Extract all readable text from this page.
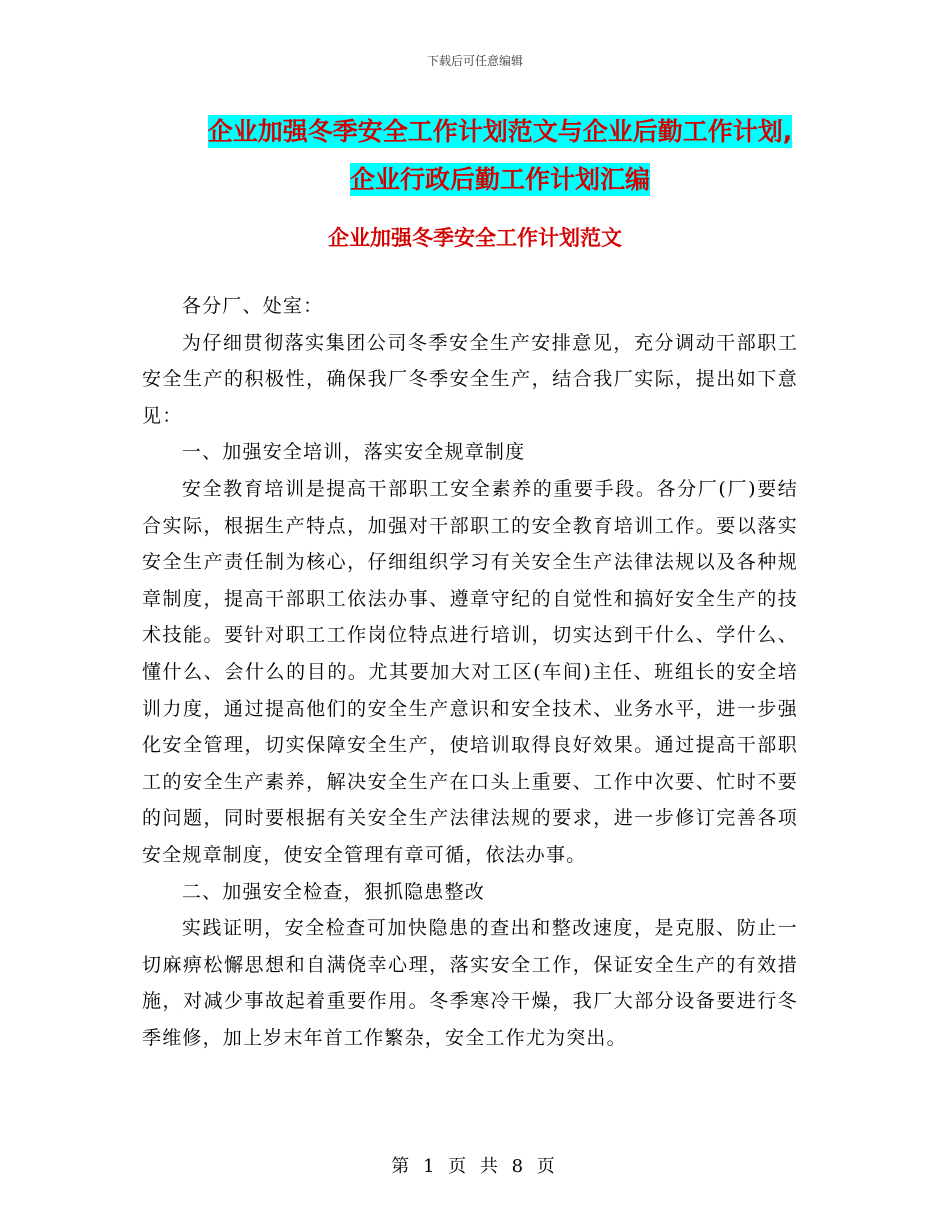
下载后可任意编辑
企业加强冬季安全工作计划范文与企业后勤工作计划,
企业行政后勤工作计划汇编
企业加强冬季安全工作计划范文

各分厂、处室：

为仔细贯彻落实集团公司冬季安全生产安排意见，充分调动干部职工安全生产的积极性，确保我厂冬季安全生产，结合我厂实际，提出如下意见：

一、加强安全培训，落实安全规章制度

安全教育培训是提高干部职工安全素养的重要手段。各分厂(厂)要结合实际，根据生产特点，加强对干部职工的安全教育培训工作。要以落实安全生产责任制为核心，仔细组织学习有关安全生产法律法规以及各种规章制度，提高干部职工依法办事、遵章守纪的自觉性和搞好安全生产的技术技能。要针对职工工作岗位特点进行培训，切实达到干什么、学什么、懂什么、会什么的目的。尤其要加大对工区(车间)主任、班组长的安全培训力度，通过提高他们的安全生产意识和安全技术、业务水平，进一步强化安全管理，切实保障安全生产，使培训取得良好效果。通过提高干部职工的安全生产素养，解决安全生产在口头上重要、工作中次要、忙时不要的问题，同时要根据有关安全生产法律法规的要求，进一步修订完善各项安全规章制度，使安全管理有章可循，依法办事。

二、加强安全检查，狠抓隐患整改

实践证明，安全检查可加快隐患的查出和整改速度，是克服、防止一切麻痹松懈思想和自满侥幸心理，落实安全工作，保证安全生产的有效措施，对减少事故起着重要作用。冬季寒冷干燥，我厂大部分设备要进行冬季维修，加上岁末年首工作繁杂，安全工作尤为突出。

第 1 页 共 8 页
